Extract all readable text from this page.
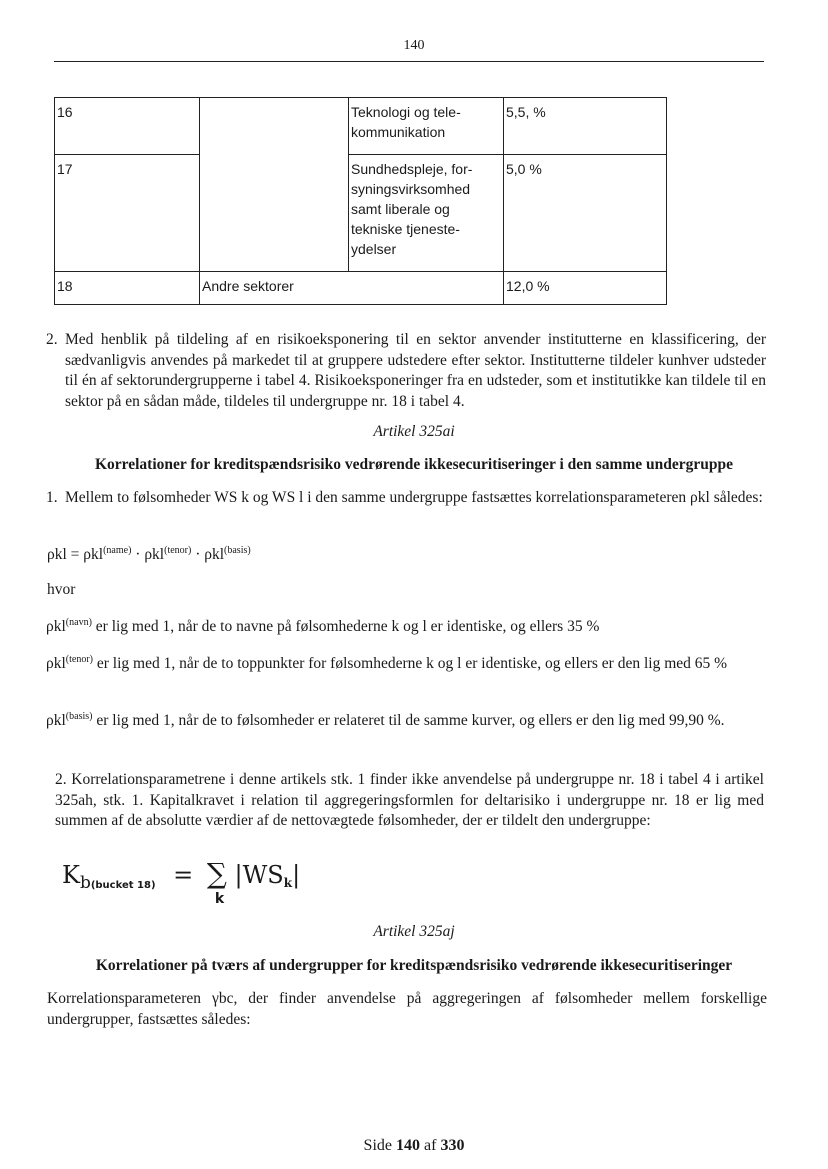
140
16		Teknologi og tele-
kommunikation	5,5, %
17		Sundhedspleje, for-
syningsvirksomhed
samt liberale og
tekniske tjeneste-
ydelser	5,0 %
18	Andre sektorer		12,0 %
2. Med henblik på tildeling af en risikoeksponering til en sektor anvender institutterne en klassificering, der sædvanligvis anvendes på markedet til at gruppere udstedere efter sektor. Institutterne tildeler kunhver udsteder til én af sektorundergrupperne i tabel 4. Risikoeksponeringer fra en udsteder, som et institutikke kan tildele til en sektor på en sådan måde, tildeles til undergruppe nr. 18 i tabel 4.
Artikel 325ai
Korrelationer for kreditspændsrisiko vedrørende ikkesecuritiseringer i den samme undergruppe
1. Mellem to følsomheder WS k og WS l i den samme undergruppe fastsættes korrelationsparameteren ρkl således:
ρkl = ρkl$^{(name)}$ · ρkl$^{(tenor)}$ · ρkl$^{(basis)}$
hvor
ρkl$^{(navn)}$ er lig med 1, når de to navne på følsomhederne k og l er identiske, og ellers 35 %
ρkl$^{(tenor)}$ er lig med 1, når de to toppunkter for følsomhederne k og l er identiske, og ellers er den lig med 65 %
ρkl$^{(basis)}$ er lig med 1, når de to følsomheder er relateret til de samme kurver, og ellers er den lig med 99,90 %.
2. Korrelationsparametrene i denne artikels stk. 1 finder ikke anvendelse på undergruppe nr. 18 i tabel 4 i artikel 325ah, stk. 1. Kapitalkravet i relation til aggregeringsformlen for deltarisiko i undergruppe nr. 18 er lig med summen af de absolutte værdier af de nettovægtede følsomheder, der er tildelt den undergruppe:
$K_{b(bucket 18)}$ = ∑
k
|WSk|
Artikel 325aj
Korrelationer på tværs af undergrupper for kreditspændsrisiko vedrørende ikkesecuritiseringer
Korrelationsparameteren γbc, der finder anvendelse på aggregeringen af følsomheder mellem forskellige undergrupper, fastsættes således:
Side 140 af 330
